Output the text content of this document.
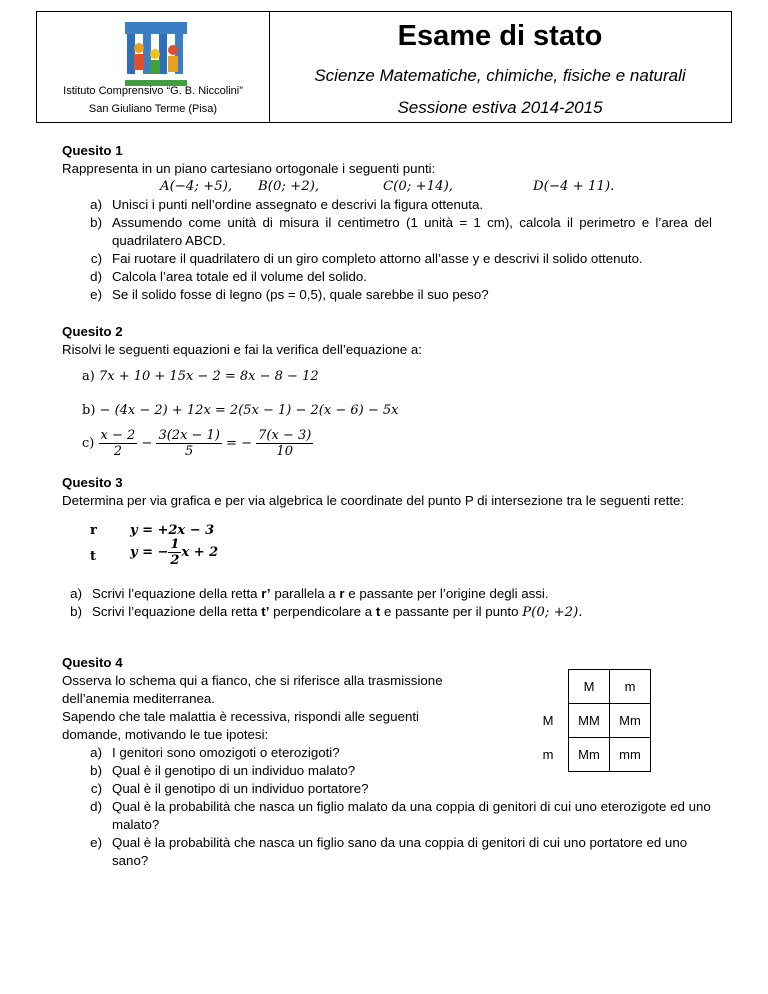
Istituto Comprensivo “G. B. Niccolini”
San Giuliano Terme (Pisa)
Esame di stato
Scienze Matematiche, chimiche, fisiche e naturali
Sessione estiva 2014-2015
Quesito 1
Rappresenta in un piano cartesiano ortogonale i seguenti punti:
A(−4; +5), B(0; +2),	C(0; +14),	D(−4 + 11).
a) Unisci i punti nell’ordine assegnato e descrivi la figura ottenuta.
b) Assumendo come unità di misura il centimetro (1 unità = 1 cm), calcola il perimetro e l’area del quadrilatero ABCD.
c) Fai ruotare il quadrilatero di un giro completo attorno all’asse y e descrivi il solido ottenuto.
d) Calcola l’area totale ed il volume del solido.
e) Se il solido fosse di legno (ps = 0,5), quale sarebbe il suo peso?
Quesito 2
Risolvi le seguenti equazioni e fai la verifica dell’equazione a:
a) 7x + 10 + 15x − 2 = 8x − 8 − 12
b) − (4x − 2) + 12x = 2(5x − 1) − 2(x − 6) − 5x
$c) \frac{x - 2}{2} - \frac{3(2x - 1)}{5}$ = − $\frac{7(x - 3)}{10}$
Quesito 3
Determina per via grafica e per via algebrica le coordinate del punto P di intersezione tra le seguenti rette:
r	y = +2x − 3
t	y = − $\frac{1}{2}$ x + 2
a) Scrivi l’equazione della retta r’ parallela a r e passante per l’origine degli assi.
b) Scrivi l’equazione della retta t’ perpendicolare a t e passante per il punto P(0; +2).
Quesito 4
Osserva lo schema qui a fianco, che si riferisce alla trasmissione
dell’anemia mediterranea.
Sapendo che tale malattia è recessiva, rispondi alle seguenti
domande, motivando le tue ipotesi:
a) I genitori sono omozigoti o eterozigoti?
b) Qual è il genotipo di un individuo malato?
c) Qual è il genotipo di un individuo portatore?
d) Qual è la probabilità che nasca un figlio malato da una coppia di genitori di cui uno eterozigote ed uno malato?
e) Qual è la probabilità che nasca un figlio sano da una coppia di genitori di cui uno portatore ed uno sano?
	M	m
M	MM	Mm
m	Mm	mm
